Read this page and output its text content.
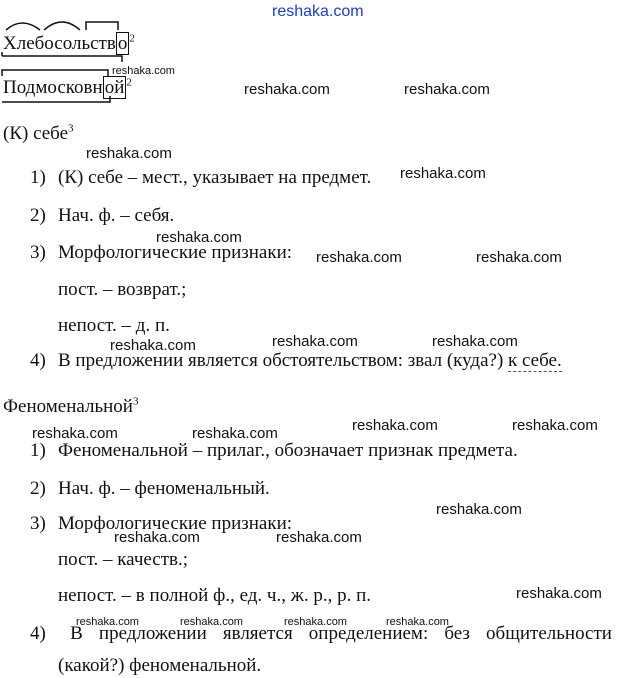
reshaka.com
reshaka.com
reshaka.com	reshaka.com
reshaka.com
reshaka.com
reshaka.com
reshaka.com	reshaka.com
reshaka.com	reshaka.com	reshaka.com
reshaka.com	reshaka.com
reshaka.com	reshaka.com
reshaka.com
reshaka.com	reshaka.com
reshaka.com
reshaka.com	reshaka.com	reshaka.com	reshaka.com
Хлебосольств о $^2$
Подмосковн ой $^2$
(К) себе$^3$
1) (К) себе – мест., указывает на предмет.
2) Нач. ф. – себя.
3) Морфологические признаки:
пост. – возврат.;
непост. – д. п.
4) В предложении является обстоятельством: звал (куда?) к себе.
Феноменальной$^3$
1) Феноменальной – прилаг., обозначает признак предмета.
2) Нач. ф. – феноменальный.
3) Морфологические признаки:
пост. – качеств.;
непост. – в полной ф., ед. ч., ж. р., р. п.
4)	В предложении является определением: без общительности
(какой?) феноменальной.
